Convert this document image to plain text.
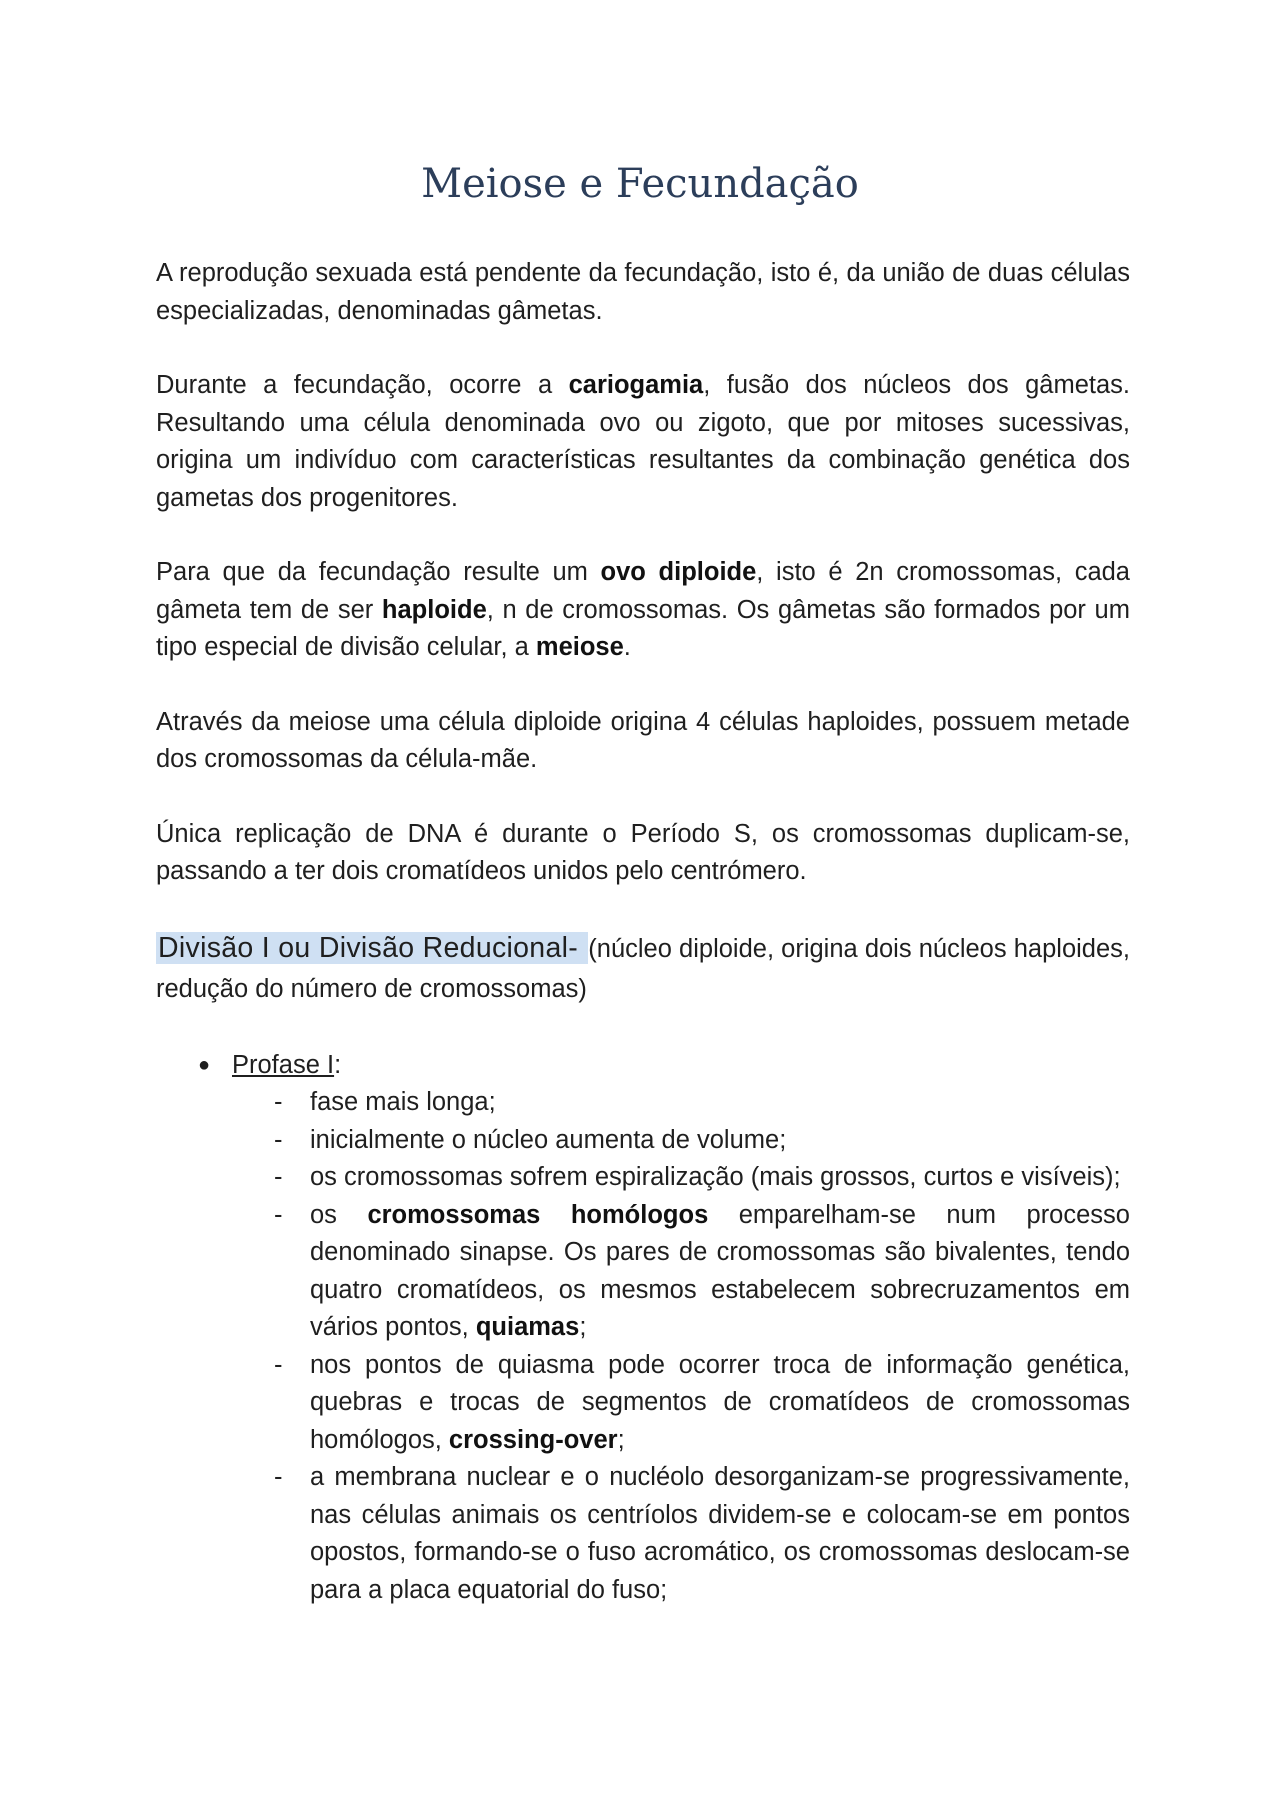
Meiose e Fecundação

A reprodução sexuada está pendente da fecundação, isto é, da união de duas células especializadas, denominadas gâmetas.

Durante a fecundação, ocorre a cariogamia, fusão dos núcleos dos gâmetas. Resultando uma célula denominada ovo ou zigoto, que por mitoses sucessivas, origina um indivíduo com características resultantes da combinação genética dos gametas dos progenitores.

Para que da fecundação resulte um ovo diploide, isto é 2n cromossomas, cada gâmeta tem de ser haploide, n de cromossomas. Os gâmetas são formados por um tipo especial de divisão celular, a meiose.

Através da meiose uma célula diploide origina 4 células haploides, possuem metade dos cromossomas da célula-mãe.

Única replicação de DNA é durante o Período S, os cromossomas duplicam-se, passando a ter dois cromatídeos unidos pelo centrómero.

Divisão I ou Divisão Reducional- (núcleo diploide, origina dois núcleos haploides, redução do número de cromossomas)

● Profase I:
- fase mais longa;
- inicialmente o núcleo aumenta de volume;
- os cromossomas sofrem espiralização (mais grossos, curtos e visíveis);
- os cromossomas homólogos emparelham-se num processo denominado sinapse. Os pares de cromossomas são bivalentes, tendo quatro cromatídeos, os mesmos estabelecem sobrecruzamentos em vários pontos, quiamas;
- nos pontos de quiasma pode ocorrer troca de informação genética, quebras e trocas de segmentos de cromatídeos de cromossomas homólogos, crossing-over;
- a membrana nuclear e o nucléolo desorganizam-se progressivamente, nas células animais os centríolos dividem-se e colocam-se em pontos opostos, formando-se o fuso acromático, os cromossomas deslocam-se para a placa equatorial do fuso;
